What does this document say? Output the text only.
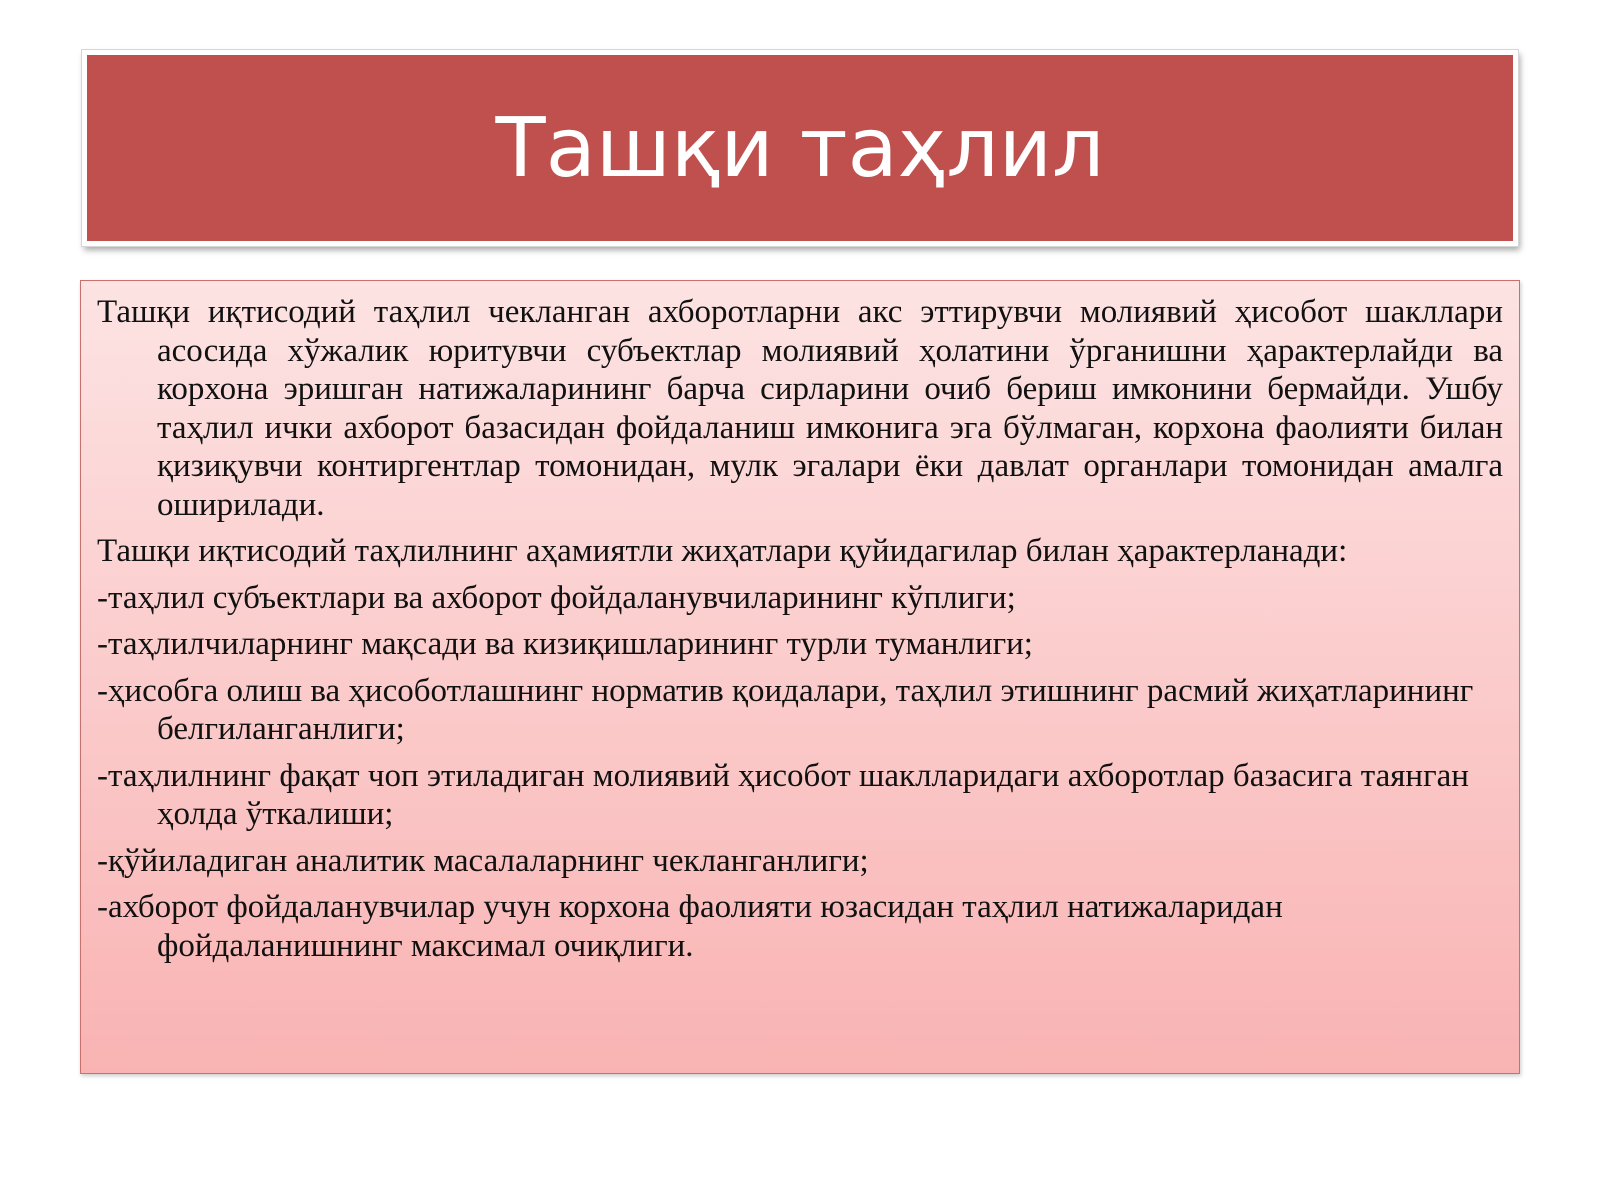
Ташқи таҳлил

Ташқи иқтисодий таҳлил чекланган ахборотларни акс эттирувчи молиявий ҳисобот шакллари асосида хўжалик юритувчи субъектлар молиявий ҳолатини ўрганишни ҳарактерлайди ва корхона эришган натижаларининг барча сирларини очиб бериш имконини бермайди. Ушбу таҳлил ички ахборот базасидан фойдаланиш имконига эга бўлмаган, корхона фаолияти билан қизиқувчи контиргентлар томонидан, мулк эгалари ёки давлат органлари томонидан амалга оширилади.

Ташқи иқтисодий таҳлилнинг аҳамиятли жиҳатлари қуйидагилар билан ҳарактерланади:

-таҳлил субъектлари ва ахборот фойдаланувчиларининг кўплиги;

-таҳлилчиларнинг мақсади ва кизиқишларининг турли туманлиги;

-ҳисобга олиш ва ҳисоботлашнинг норматив қоидалари, таҳлил этишнинг расмий жиҳатларининг белгиланганлиги;

-таҳлилнинг фақат чоп этиладиган молиявий ҳисобот шаклларидаги ахборотлар базасига таянган ҳолда ўткалиши;

-қўйиладиган аналитик масалаларнинг чекланганлиги;

-ахборот фойдаланувчилар учун корхона фаолияти юзасидан таҳлил натижаларидан фойдаланишнинг максимал очиқлиги.
